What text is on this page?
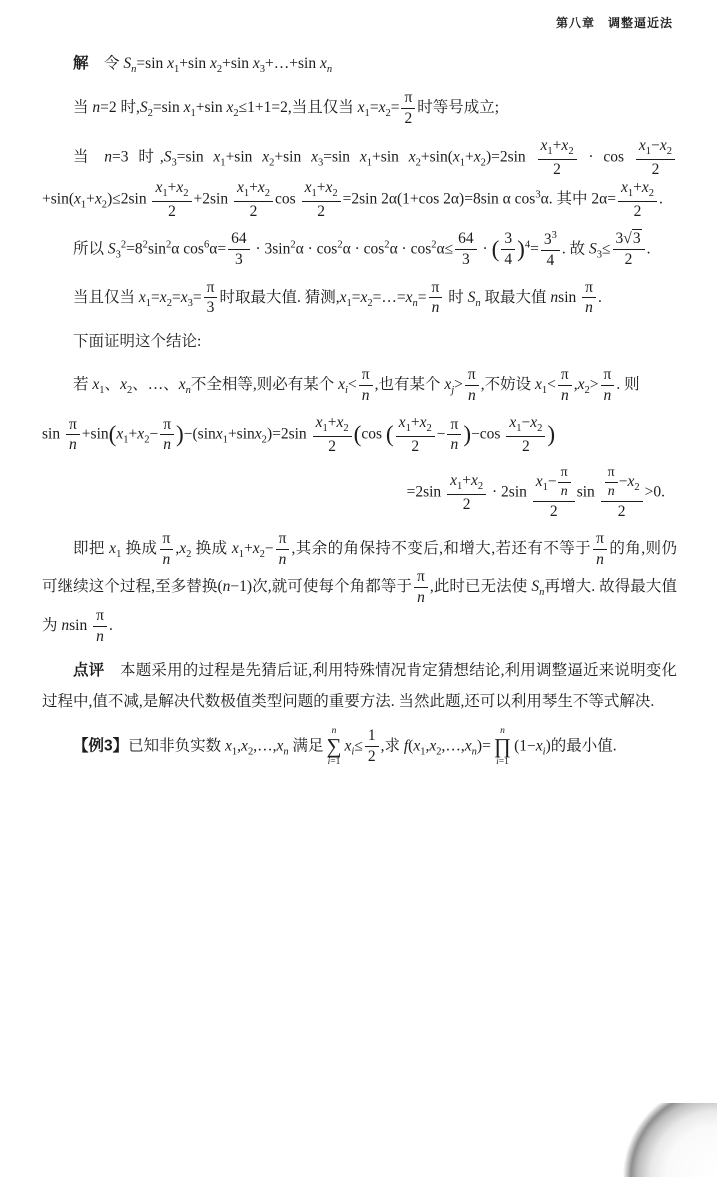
第八章　调整逼近法

解　令 $S_n=\sin$ $x_1+\sin$ $x_2+\sin$ $x_3+\dots+\sin$ $x_n$

当 n=2 时$,S_2=\sin$ $x_1+\sin$ $x_2\le 1+1=2$,当且仅当 $x_1=x_2= \frac{\pi}{2}$ 时等号成立;

当 n=3 时$,S_3=\sin$ $x_1+\sin$ $x_2+\sin$ $x_3=\sin$ $x_1+\sin$ $x_2+\sin(x_1+x_2)=2\sin \frac{x_1+x_2}{2} \cdot \cos \frac{x_1-x_2}{2}$
$+\sin(x_1+x_2)\le 2\sin \frac{x_1+x_2}{2} +2\sin \frac{x_1+x_2}{2}$ $\cos \frac{x_1+x_2}{2} =2\sin$ 2α(1+cos 2α)=8sin α $\cos^3\alpha$. 其中 $2\alpha= \frac{x_1+x_2}{2}$ .

所以 $S_3^2=8^2\sin^2\alpha$ $\cos^6\alpha= \frac{64}{3} \cdot 3\sin^2\alpha \cdot \cos^2\alpha \cdot \cos^2\alpha \cdot \cos^2\alpha\le \frac{64}{3}$ · ( $\frac{3}{4} )^4= \frac{3^3}{4}$ . 故 $S_3\le \frac{3√3}{2}$ .

当且仅当 $x_1=x_2=x_3= \frac{\pi}{3}$ 时取最大值. 猜测$,x_1=x_2=\dots=x_n= \frac{\pi}{n}$ 时 $S_n$ 取最大值 nsin $\frac{\pi}{n}$ .

下面证明这个结论:

若 $x_1$、$x_2$、…、$x_n$不全相等,则必有某个 $x_i< \frac{\pi}{n}$ ,也有某个 $x_j> \frac{\pi}{n}$ ,不妨设 $x_1< \frac{\pi}{n} ,x_2> \frac{\pi}{n}$ . 则

$\sin \frac{\pi}{n} +\sin(x_1+x_2- \frac{\pi}{n} )-(\sin x_1+\sin x_2)=2\sin \frac{x_1+x_2}{2} (\cos$ ( $\frac{x_1+x_2}{2} - \frac{\pi}{n} )-\cos \frac{x_1-x_2}{2}$ )

$=2\sin \frac{x_1+x_2}{2} \cdot 2\sin \frac{x_1- \frac{\pi}{n}}{2}$ $\sin \frac{\frac{\pi}{n} -x_2}{2} >0$.

即把 $x_1$ 换成 $\frac{\pi}{n} ,x_2$ 换成 $x_1+x_2- \frac{\pi}{n}$ ,其余的角保持不变后,和增大,若还有不等于 $\frac{\pi}{n}$ 的角,则仍可继续这个过程,至多替换(n−1)次,就可使每个角都等于 $\frac{\pi}{n}$ ,此时已无法使 $S_n$再增大. 故得最大值为 nsin $\frac{\pi}{n}$ .

点评　本题采用的过程是先猜后证,利用特殊情况肯定猜想结论,利用调整逼近来说明变化过程中,值不减,是解决代数极值类型问题的重要方法. 当然此题,还可以利用琴生不等式解决.

【例3】已知非负实数 $x_1,x_2,\dots,x_n$ 满足
n
∑
i=1
$x_i\le \frac{1}{2}$ ,求 $f(x_1,x_2,\dots,x_n)=$
n
∏
i=1
$(1-x_i)$的最小值.
